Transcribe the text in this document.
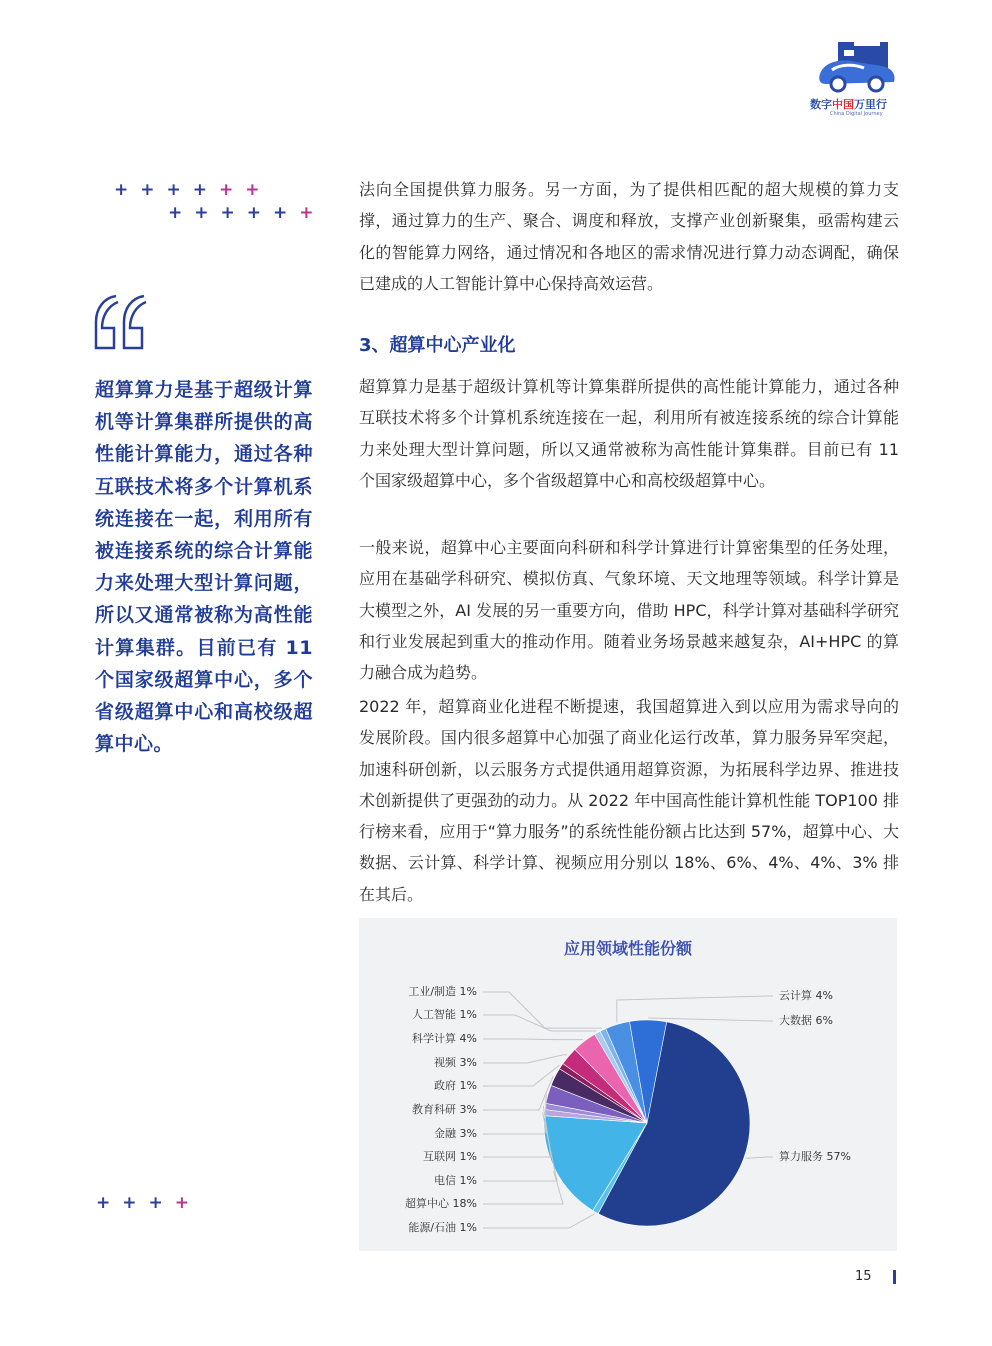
数字中国万里行
China Digital Journey
++++++
++++++
++++
超算算力是基于超级计算机等计算集群所提供的高性能计算能力，通过各种互联技术将多个计算机系统连接在一起，利用所有被连接系统的综合计算能力来处理大型计算问题，所以又通常被称为高性能计算集群。目前已有 11 个国家级超算中心，多个省级超算中心和高校级超算中心。

法向全国提供算力服务。另一方面，为了提供相匹配的超大规模的算力支撑，通过算力的生产、聚合、调度和释放，支撑产业创新聚集，亟需构建云化的智能算力网络，通过情况和各地区的需求情况进行算力动态调配，确保已建成的人工智能计算中心保持高效运营。

3、超算中心产业化

超算算力是基于超级计算机等计算集群所提供的高性能计算能力，通过各种互联技术将多个计算机系统连接在一起，利用所有被连接系统的综合计算能力来处理大型计算问题，所以又通常被称为高性能计算集群。目前已有 11 个国家级超算中心，多个省级超算中心和高校级超算中心。

一般来说，超算中心主要面向科研和科学计算进行计算密集型的任务处理，应用在基础学科研究、模拟仿真、气象环境、天文地理等领域。科学计算是大模型之外，AI 发展的另一重要方向，借助 HPC，科学计算对基础科学研究和行业发展起到重大的推动作用。随着业务场景越来越复杂，AI+HPC 的算力融合成为趋势。

2022 年，超算商业化进程不断提速，我国超算进入到以应用为需求导向的发展阶段。国内很多超算中心加强了商业化运行改革，算力服务异军突起，加速科研创新，以云服务方式提供通用超算资源，为拓展科学边界、推进技术创新提供了更强劲的动力。从 2022 年中国高性能计算机性能 TOP100 排行榜来看，应用于“算力服务”的系统性能份额占比达到 57%，超算中心、大数据、云计算、科学计算、视频应用分别以 18%、6%、4%、4%、3% 排在其后。

应用领域性能份额
工业/制造 1%
人工智能 1%
科学计算 4%
视频 3%
政府 1%
教育科研 3%
金融 3%
互联网 1%
电信 1%
超算中心 18%
能源/石油 1%
云计算 4%
大数据 6%
算力服务 57%
15
